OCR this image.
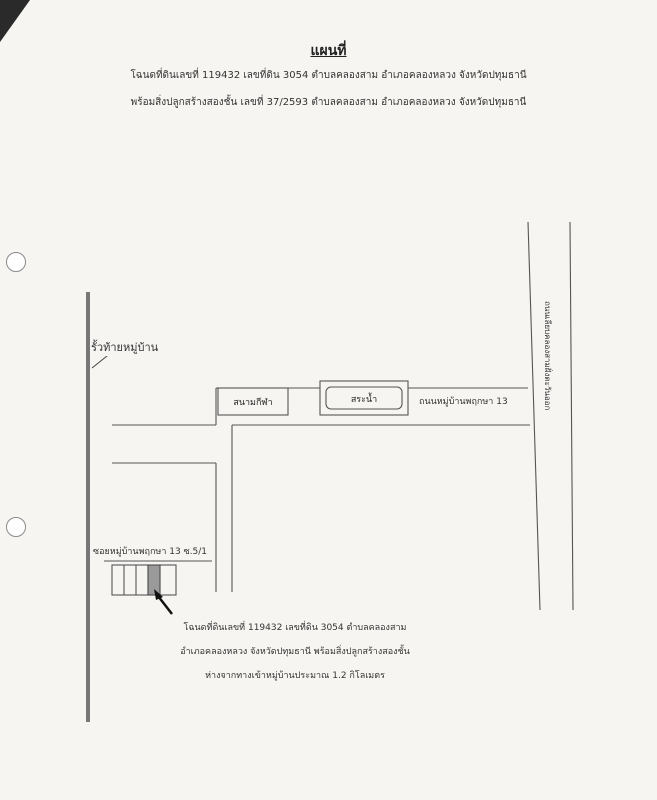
แผนที่
โฉนดที่ดินเลขที่ 119432 เลขที่ดิน 3054 ตำบลคลองสาม อำเภอคลองหลวง จังหวัดปทุมธานี
พร้อมสิ่งปลูกสร้างสองชั้น เลขที่ 37/2593 ตำบลคลองสาม อำเภอคลองหลวง จังหวัดปทุมธานี
รั้วท้ายหมู่บ้าน
สนามกีฬา	สระน้ำ	ถนนหมู่บ้านพฤกษา 13	ถนนเลียบคลองสามฝั่งตะวันออก
ซอยหมู่บ้านพฤกษา 13 ซ.5/1
โฉนดที่ดินเลขที่ 119432 เลขที่ดิน 3054 ตำบลคลองสาม
อำเภอคลองหลวง จังหวัดปทุมธานี พร้อมสิ่งปลูกสร้างสองชั้น
ห่างจากทางเข้าหมู่บ้านประมาณ 1.2 กิโลเมตร
